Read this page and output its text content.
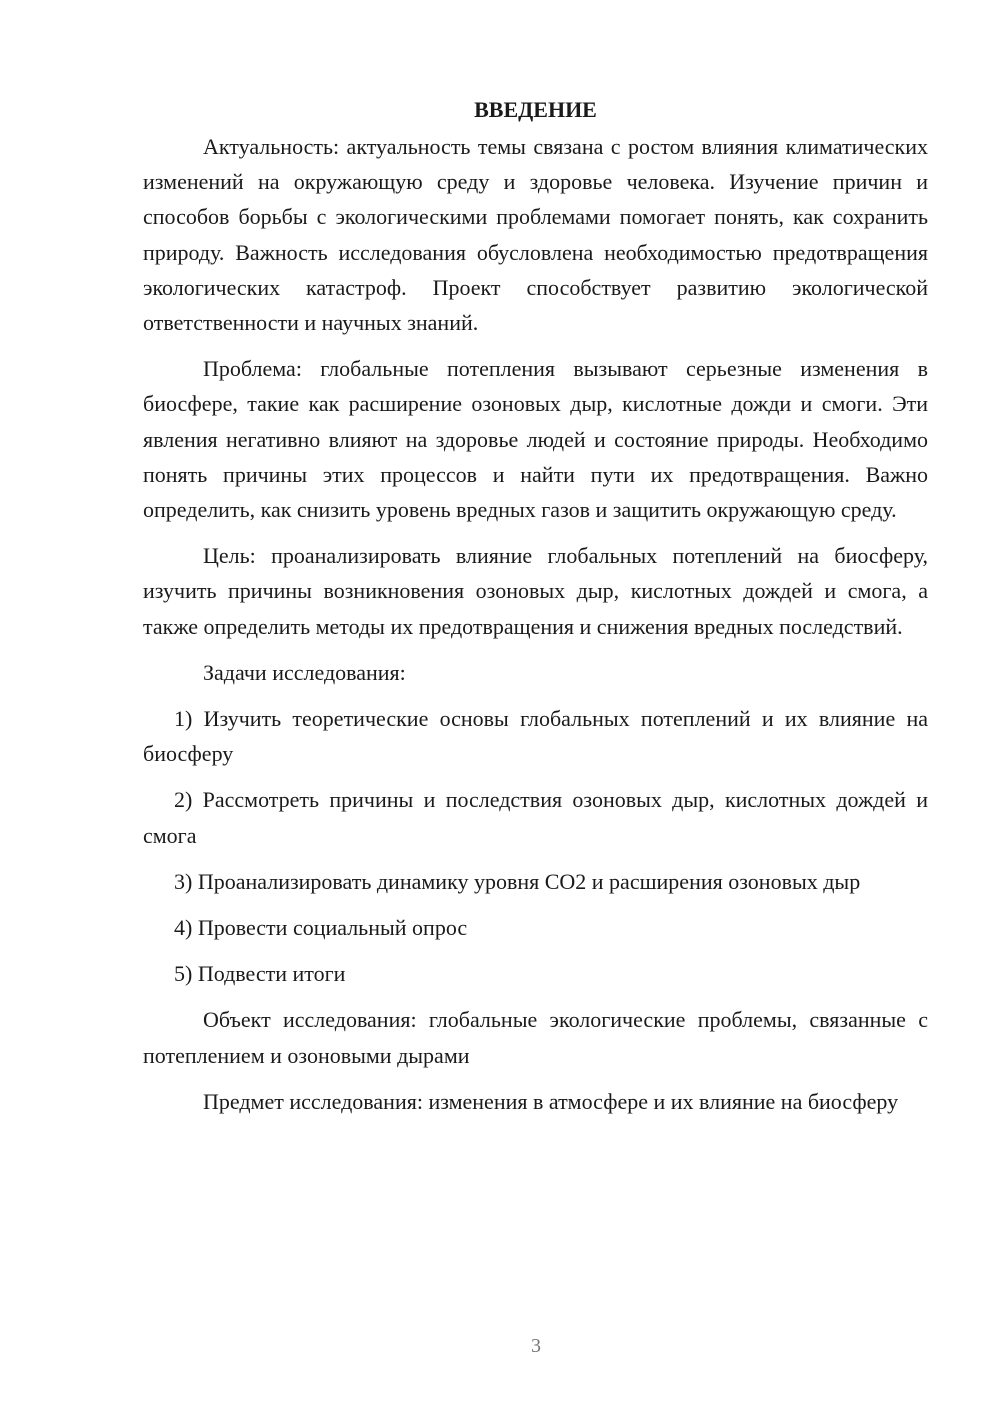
ВВЕДЕНИЕ

Актуальность: актуальность темы связана с ростом влияния климатических изменений на окружающую среду и здоровье человека. Изучение причин и способов борьбы с экологическими проблемами помогает понять, как сохранить природу. Важность исследования обусловлена необходимостью предотвращения экологических катастроф. Проект способствует развитию экологической ответственности и научных знаний.

Проблема: глобальные потепления вызывают серьезные изменения в биосфере, такие как расширение озоновых дыр, кислотные дожди и смоги. Эти явления негативно влияют на здоровье людей и состояние природы. Необходимо понять причины этих процессов и найти пути их предотвращения. Важно определить, как снизить уровень вредных газов и защитить окружающую среду.

Цель: проанализировать влияние глобальных потеплений на биосферу, изучить причины возникновения озоновых дыр, кислотных дождей и смога, а также определить методы их предотвращения и снижения вредных последствий.

Задачи исследования:

1) Изучить теоретические основы глобальных потеплений и их влияние на биосферу

2) Рассмотреть причины и последствия озоновых дыр, кислотных дождей и смога

3) Проанализировать динамику уровня CO2 и расширения озоновых дыр

4) Провести социальный опрос

5) Подвести итоги

Объект исследования: глобальные экологические проблемы, связанные с потеплением и озоновыми дырами

Предмет исследования: изменения в атмосфере и их влияние на биосферу

3
